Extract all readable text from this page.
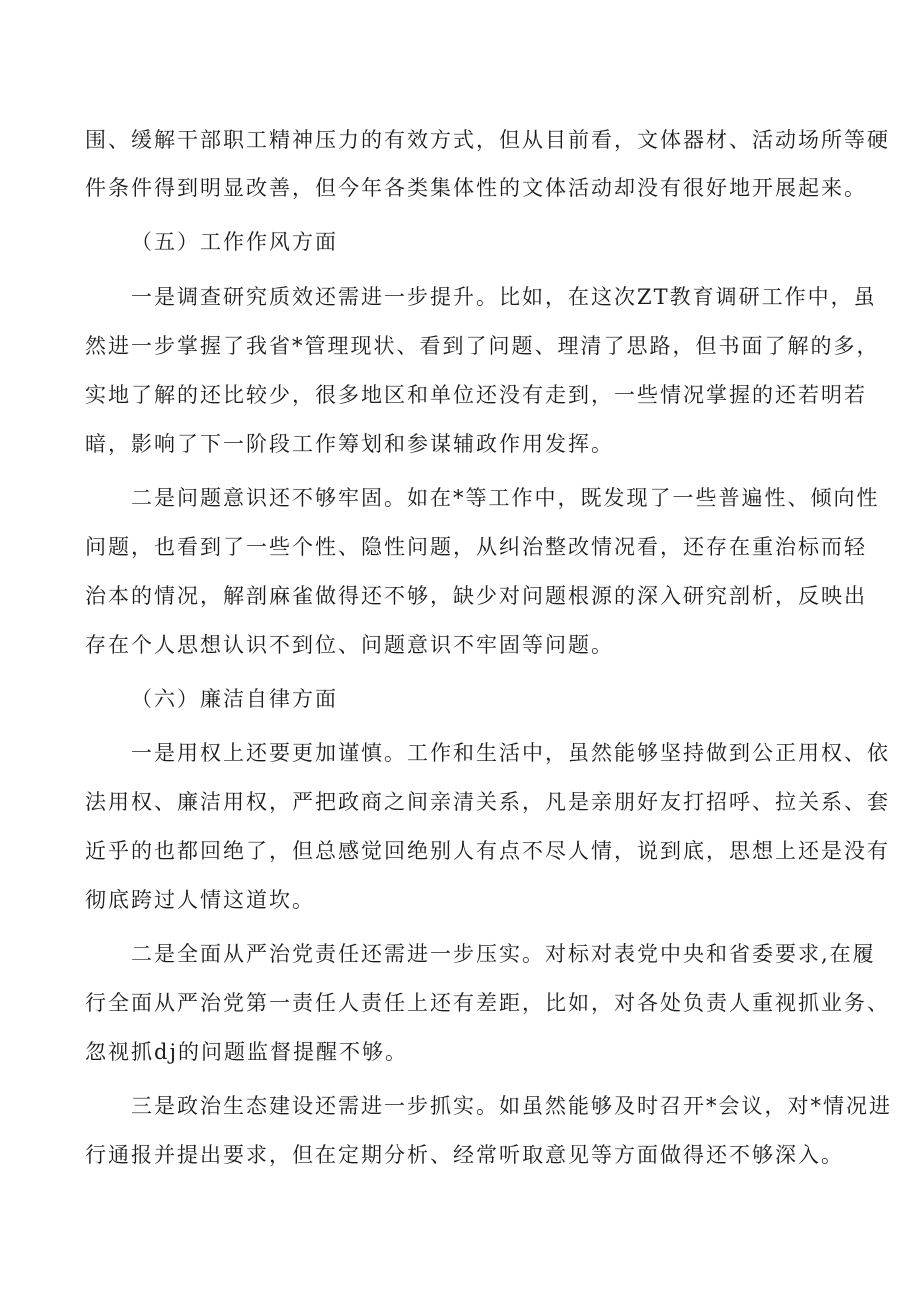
围、缓解干部职工精神压力的有效方式，但从目前看，文体器材、活动场所等硬
件条件得到明显改善，但今年各类集体性的文体活动却没有很好地开展起来。
（五）工作作风方面
一是调查研究质效还需进一步提升。比如，在这次ZT教育调研工作中，虽
然进一步掌握了我省*管理现状、看到了问题、理清了思路，但书面了解的多，
实地了解的还比较少，很多地区和单位还没有走到，一些情况掌握的还若明若
暗，影响了下一阶段工作筹划和参谋辅政作用发挥。
二是问题意识还不够牢固。如在*等工作中，既发现了一些普遍性、倾向性
问题，也看到了一些个性、隐性问题，从纠治整改情况看，还存在重治标而轻
治本的情况，解剖麻雀做得还不够，缺少对问题根源的深入研究剖析，反映出
存在个人思想认识不到位、问题意识不牢固等问题。
（六）廉洁自律方面
一是用权上还要更加谨慎。工作和生活中，虽然能够坚持做到公正用权、依
法用权、廉洁用权，严把政商之间亲清关系，凡是亲朋好友打招呼、拉关系、套
近乎的也都回绝了，但总感觉回绝别人有点不尽人情，说到底，思想上还是没有
彻底跨过人情这道坎。
二是全面从严治党责任还需进一步压实。对标对表党中央和省委要求,在履
行全面从严治党第一责任人责任上还有差距，比如，对各处负责人重视抓业务、
忽视抓dj的问题监督提醒不够。
三是政治生态建设还需进一步抓实。如虽然能够及时召开*会议，对*情况进
行通报并提出要求，但在定期分析、经常听取意见等方面做得还不够深入。
